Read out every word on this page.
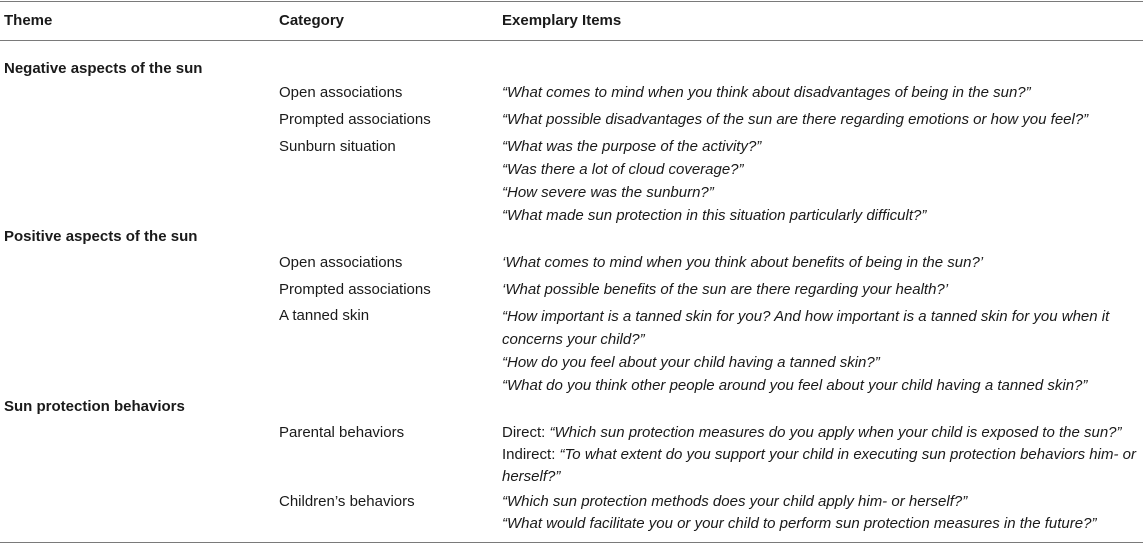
Theme	Category	Exemplary Items
Negative aspects of the sun
Open associations	“What comes to mind when you think about disadvantages of being in the sun?”
Prompted associations	“What possible disadvantages of the sun are there regarding emotions or how you feel?”
Sunburn situation	“What was the purpose of the activity?”
“Was there a lot of cloud coverage?”
“How severe was the sunburn?”
“What made sun protection in this situation particularly difficult?”
Positive aspects of the sun
Open associations	‘What comes to mind when you think about benefits of being in the sun?’
Prompted associations	‘What possible benefits of the sun are there regarding your health?’
A tanned skin	“How important is a tanned skin for you? And how important is a tanned skin for you when it concerns your child?”
“How do you feel about your child having a tanned skin?”
“What do you think other people around you feel about your child having a tanned skin?”
Sun protection behaviors
Parental behaviors	Direct: “Which sun protection measures do you apply when your child is exposed to the sun?”
Indirect: “To what extent do you support your child in executing sun protection behaviors him- or herself?”
Children’s behaviors	“Which sun protection methods does your child apply him- or herself?”
“What would facilitate you or your child to perform sun protection measures in the future?”
